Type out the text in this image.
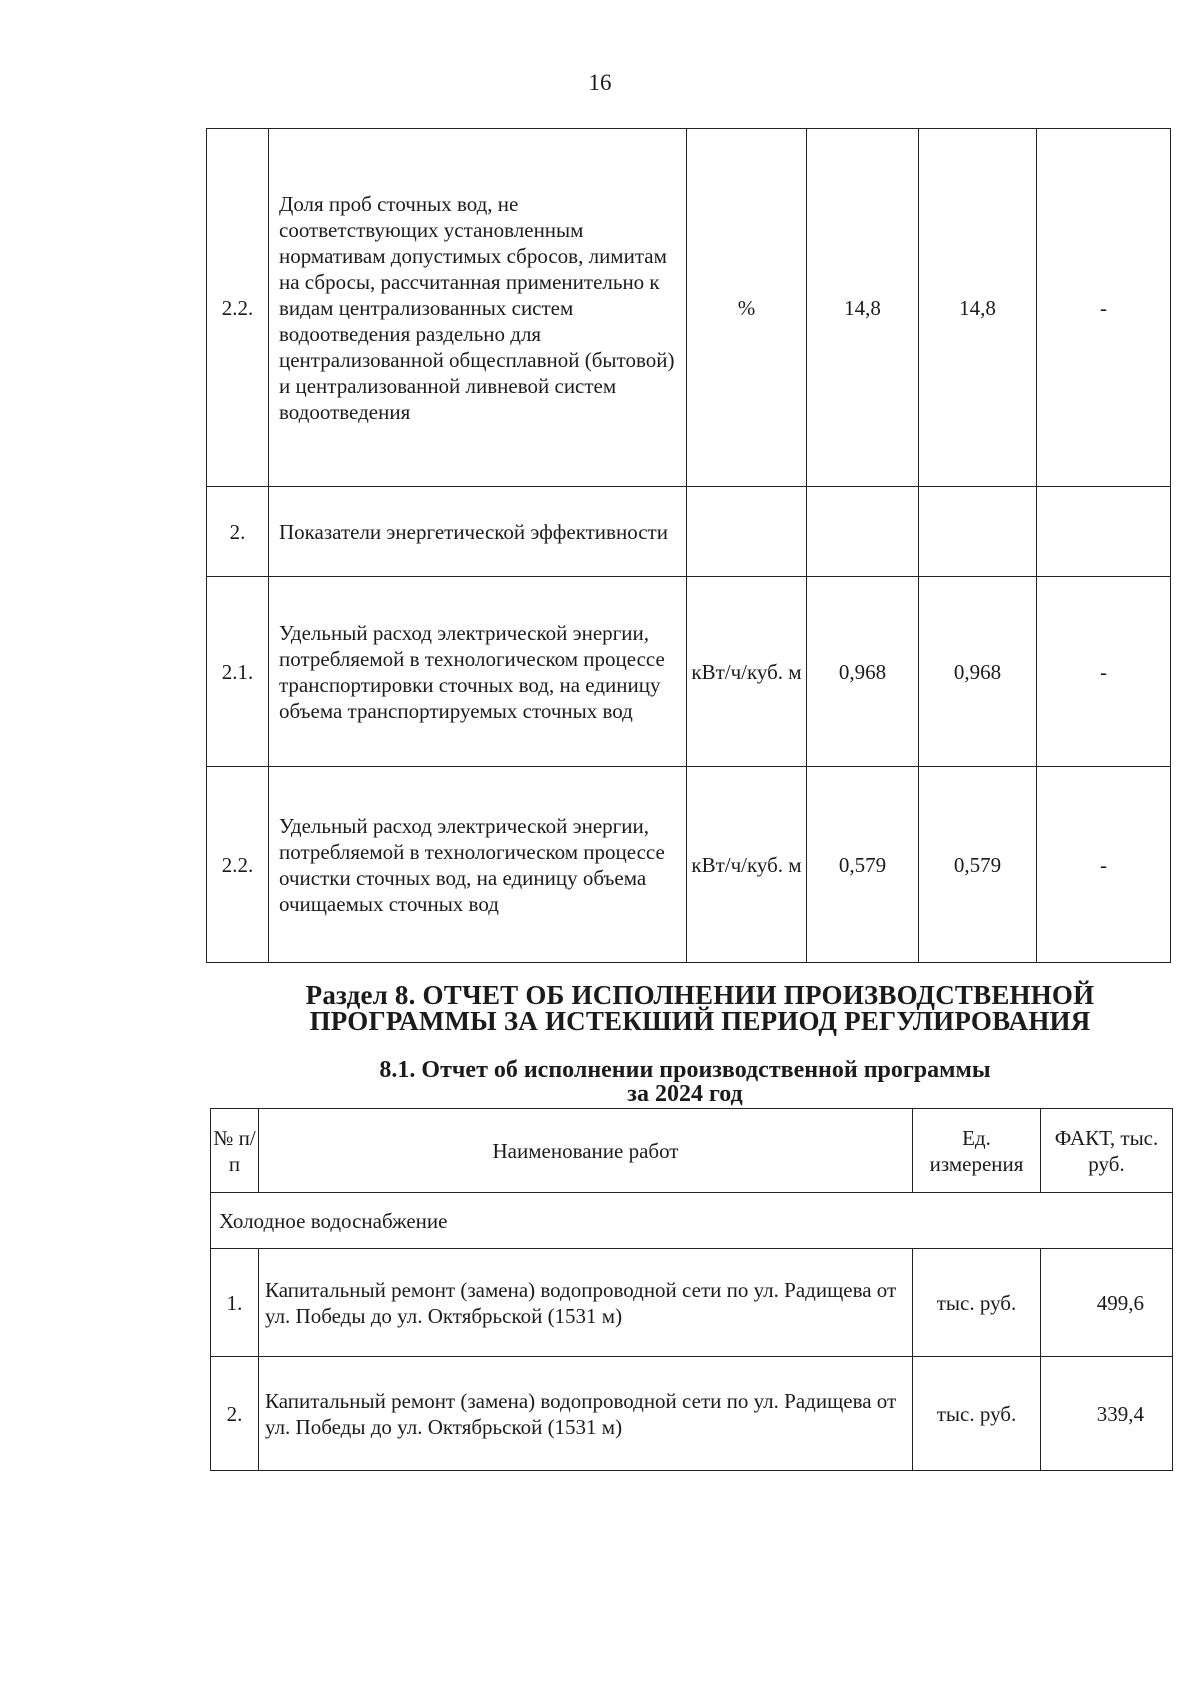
16
2.2.	Доля проб сточных вод, не соответствующих установленным нормативам допустимых сбросов, лимитам на сбросы, рассчитанная применительно к видам централизованных систем водоотведения раздельно для централизованной общесплавной (бытовой) и централизованной ливневой систем водоотведения	%	14,8	14,8	-
2.	Показатели энергетической эффективности				
2.1.	Удельный расход электрической энергии, потребляемой в технологическом процессе транспортировки сточных вод, на единицу объема транспортируемых сточных вод	кВт/ч/куб. м	0,968	0,968	-
2.2.	Удельный расход электрической энергии, потребляемой в технологическом процессе очистки сточных вод, на единицу объема очищаемых сточных вод	кВт/ч/куб. м	0,579	0,579	-
Раздел 8. ОТЧЕТ ОБ ИСПОЛНЕНИИ ПРОИЗВОДСТВЕННОЙ
ПРОГРАММЫ ЗА ИСТЕКШИЙ ПЕРИОД РЕГУЛИРОВАНИЯ
8.1. Отчет об исполнении производственной программы
за 2024 год
№ п/п	Наименование работ	Ед. измерения	ФАКТ, тыс. руб.
Холодное водоснабжение			
1.	Капитальный ремонт (замена) водопроводной сети по ул. Радищева от ул. Победы до ул. Октябрьской (1531 м)	тыс. руб.	499,6
2.	Капитальный ремонт (замена) водопроводной сети по ул. Радищева от ул. Победы до ул. Октябрьской (1531 м)	тыс. руб.	339,4
